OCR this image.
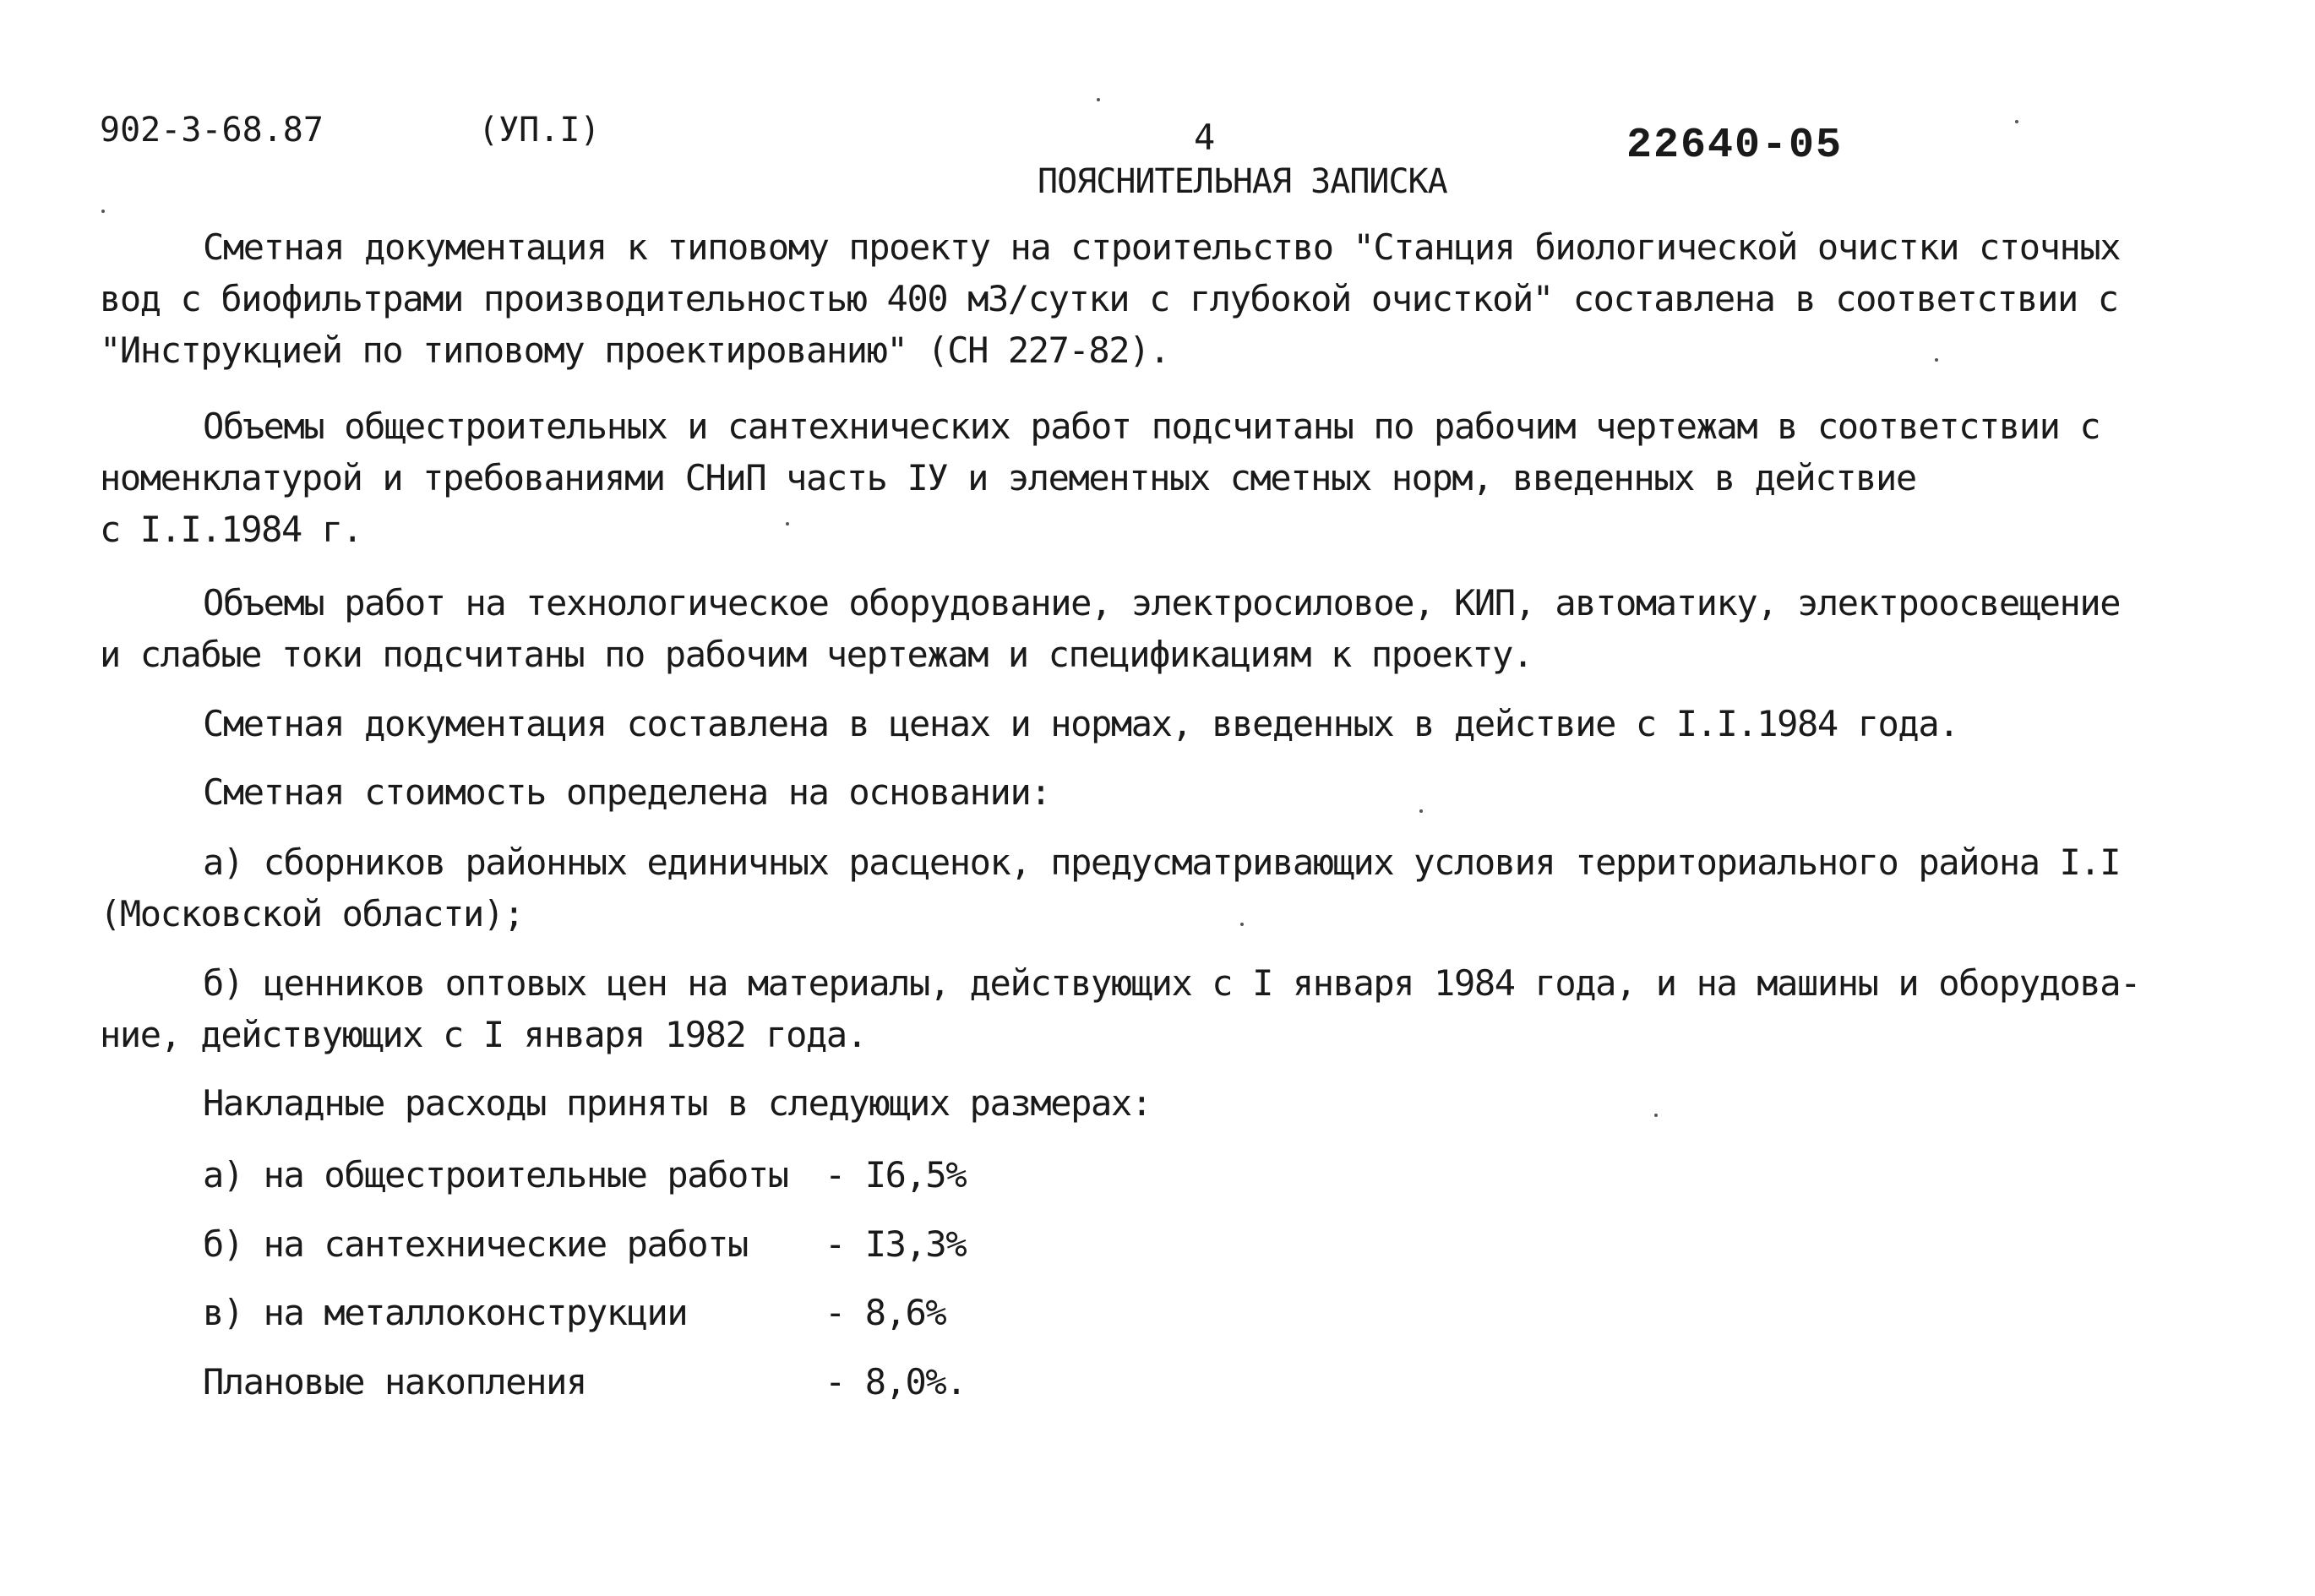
902-3-68.87	(УП.I)	4	22640-05
ПОЯСНИТЕЛЬНАЯ ЗАПИСКА
Сметная документация к типовому проекту на строительство "Станция биологической очистки сточных
вод с биофильтрами производительностью 400 м3/сутки с глубокой очисткой" составлена в соответствии с
"Инструкцией по типовому проектированию" (СН 227-82).
Объемы общестроительных и сантехнических работ подсчитаны по рабочим чертежам в соответствии с
номенклатурой и требованиями СНиП часть IУ и элементных сметных норм, введенных в действие
с I.I.1984 г.
Объемы работ на технологическое оборудование, электросиловое, КИП, автоматику, электроосвещение
и слабые токи подсчитаны по рабочим чертежам и спецификациям к проекту.
Сметная документация составлена в ценах и нормах, введенных в действие с I.I.1984 года.
Сметная стоимость определена на основании:
а) сборников районных единичных расценок, предусматривающих условия территориального района I.I
(Московской области);
б) ценников оптовых цен на материалы, действующих с I января 1984 года, и на машины и оборудова-
ние, действующих с I января 1982 года.
Накладные расходы приняты в следующих размерах:
а) на общестроительные работы - I6,5%
б) на сантехнические работы - I3,3%
в) на металлоконструкции	- 8,6%
Плановые накопления	- 8,0%.
